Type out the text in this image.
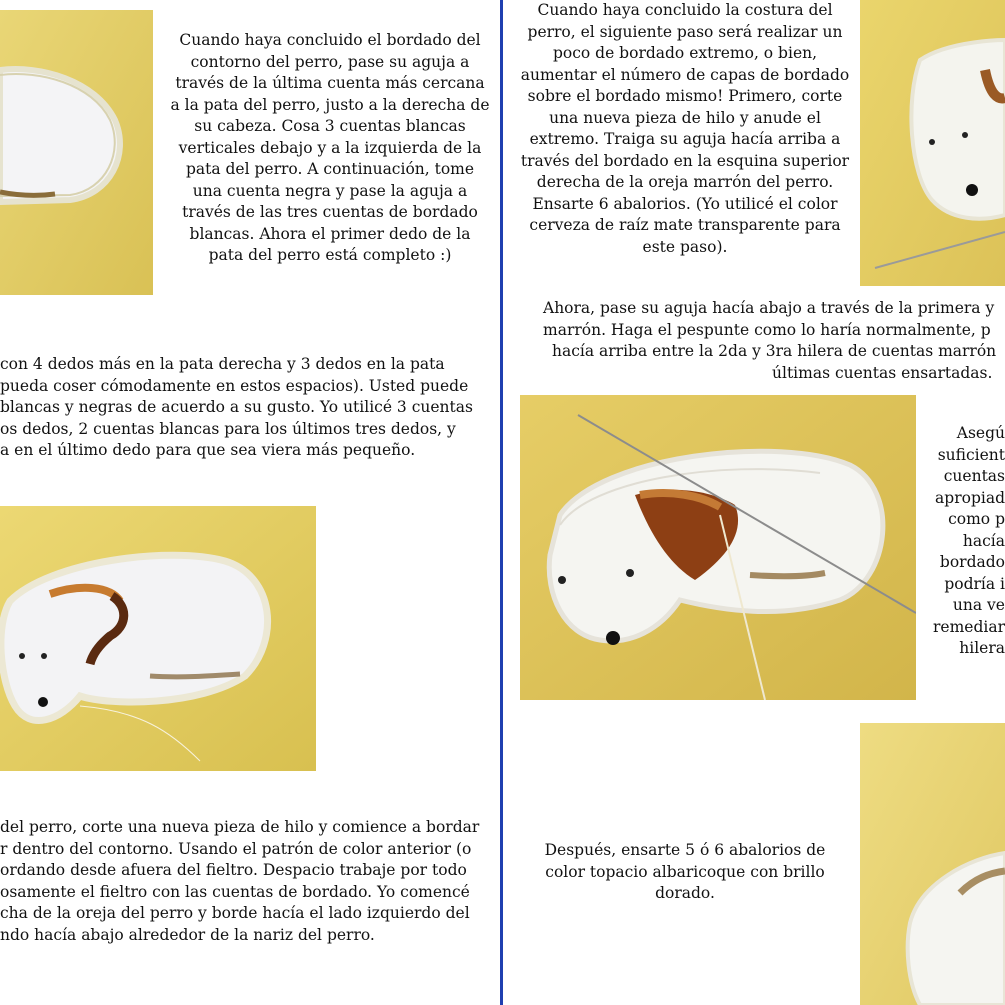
Cuando haya concluido el bordado del contorno del perro, pase su aguja a través de la última cuenta más cercana a la pata del perro, justo a la derecha de su cabeza. Cosa 3 cuentas blancas verticales debajo y a la izquierda de la pata del perro. A continuación, tome una cuenta negra y pase la aguja a través de las tres cuentas de bordado blancas. Ahora el primer dedo de la pata del perro está completo :)

con 4 dedos más en la pata derecha y 3 dedos en la pata

pueda coser cómodamente en estos espacios). Usted puede

blancas y negras de acuerdo a su gusto. Yo utilicé 3 cuentas

os dedos, 2 cuentas blancas para los últimos tres dedos, y

a en el último dedo para que sea viera más pequeño.

del perro, corte una nueva pieza de hilo y comience a bordar

r dentro del contorno. Usando el patrón de color anterior (o

ordando desde afuera del fieltro. Despacio trabaje por todo

osamente el fieltro con las cuentas de bordado. Yo comencé

cha de la oreja del perro y borde hacía el lado izquierdo del

ndo hacía abajo alrededor de la nariz del perro.

Cuando haya concluido la costura del perro, el siguiente paso será realizar un poco de bordado extremo, o bien, aumentar el número de capas de bordado sobre el bordado mismo! Primero, corte una nueva pieza de hilo y anude el extremo. Traiga su aguja hacía arriba a través del bordado en la esquina superior derecha de la oreja marrón del perro. Ensarte 6 abalorios. (Yo utilicé el color cerveza de raíz mate transparente para este paso).

Ahora, pase su aguja hacía abajo a través de la primera y

marrón. Haga el pespunte como lo haría normalmente, p

hacía arriba entre la 2da y 3ra hilera de cuentas marrón

últimas cuentas ensartadas.

Asegú

suficient

cuentas

apropiad

como p

hacía

bordado

podría i

una ve

remediar

hilera

Después, ensarte 5 ó 6 abalorios de color topacio albaricoque con brillo dorado.
